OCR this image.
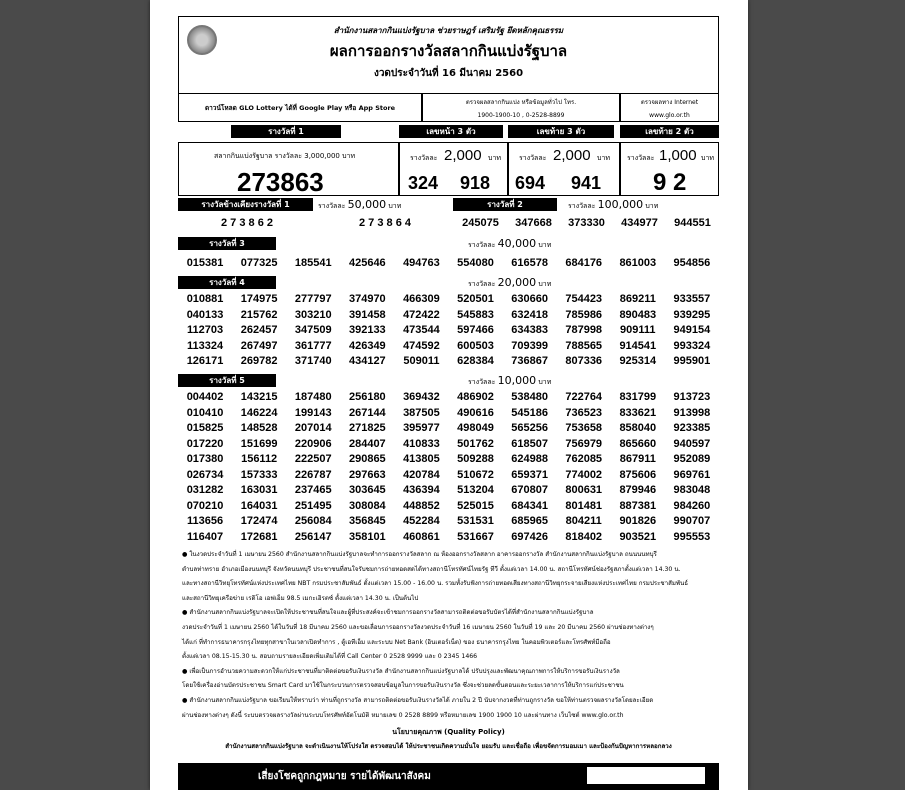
สำนักงานสลากกินแบ่งรัฐบาล ช่วยราษฎร์ เสริมรัฐ ยึดหลักคุณธรรม
ผลการออกรางวัลสลากกินแบ่งรัฐบาล
งวดประจำวันที่ 16 มีนาคม 2560
ดาวน์โหลด GLO Lottery ได้ที่ Google Play หรือ App Store
ตรวจผลสลากกินแบ่ง หรือข้อมูลทั่วไป โทร.
1900-1900-10 , 0-2528-8899
ตรวจผลทาง Internet
www.glo.or.th
รางวัลที่ 1	เลขหน้า 3 ตัว	เลขท้าย 3 ตัว	เลขท้าย 2 ตัว
สลากกินแบ่งรัฐบาล รางวัลละ 3,000,000 บาท
273863
รางวัลละ 2,000 บาท
324 918
รางวัลละ 2,000 บาท
694 941
รางวัลละ 1,000 บาท
9 2
รางวัลข้างเคียงรางวัลที่ 1	รางวัลละ 50,000 บาท	รางวัลที่ 2	รางวัลละ 100,000 บาท
2 7 3 8 6 2	2 7 3 8 6 4	245075	347668	373330	434977	944551
รางวัลที่ 3	รางวัลละ 40,000 บาท
015381	077325	185541	425646	494763	554080	616578	684176	861003	954856
รางวัลที่ 4	รางวัลละ 20,000 บาท
010881	174975	277797	374970	466309	520501	630660	754423	869211	933557
040133	215762	303210	391458	472422	545883	632418	785986	890483	939295
112703	262457	347509	392133	473544	597466	634383	787998	909111	949154
113324	267497	361777	426349	474592	600503	709399	788565	914541	993324
126171	269782	371740	434127	509011	628384	736867	807336	925314	995901
รางวัลที่ 5	รางวัลละ 10,000 บาท
004402	143215	187480	256180	369432	486902	538480	722764	831799	913723
010410	146224	199143	267144	387505	490616	545186	736523	833621	913998
015825	148528	207014	271825	395977	498049	565256	753658	858040	923385
017220	151699	220906	284407	410833	501762	618507	756979	865660	940597
017380	156112	222507	290865	413805	509288	624988	762085	867911	952089
026734	157333	226787	297663	420784	510672	659371	774002	875606	969761
031282	163031	237465	303645	436394	513204	670807	800631	879946	983048
070210	164031	251495	308084	448852	525015	684341	801481	887381	984260
113656	172474	256084	356845	452284	531531	685965	804211	901826	990707
116407	172681	256147	358101	460861	531667	697426	818402	903521	995553

● ในงวดประจำวันที่ 1 เมษายน 2560 สำนักงานสลากกินแบ่งรัฐบาลจะทำการออกรางวัลสลาก ณ ห้องออกรางวัลสลาก อาคารออกรางวัล สำนักงานสลากกินแบ่งรัฐบาล ถนนนนทบุรี

ตำบลท่าทราย อำเภอเมืองนนทบุรี จังหวัดนนทบุรี ประชาชนที่สนใจรับชมการถ่ายทอดสดได้ทางสถานีโทรทัศน์ไทยรัฐ ทีวี ตั้งแต่เวลา 14.00 น. สถานีโทรทัศน์ช่องรัฐสภาตั้งแต่เวลา 14.30 น.

และทางสถานีวิทยุโทรทัศน์แห่งประเทศไทย NBT กรมประชาสัมพันธ์ ตั้งแต่เวลา 15.00 - 16.00 น. รวมทั้งรับฟังการถ่ายทอดเสียงทางสถานีวิทยุกระจายเสียงแห่งประเทศไทย กรมประชาสัมพันธ์

และสถานีวิทยุเครือข่าย เรดิโอ เอฟเอ็ม 98.5 เมกะเฮิรตซ์ ตั้งแต่เวลา 14.30 น. เป็นต้นไป

● สำนักงานสลากกินแบ่งรัฐบาลจะเปิดให้ประชาชนที่สนใจและผู้ที่ประสงค์จะเข้าชมการออกรางวัลสามารถติดต่อขอรับบัตรได้ที่สำนักงานสลากกินแบ่งรัฐบาล

งวดประจำวันที่ 1 เมษายน 2560 ได้ในวันที่ 18 มีนาคม 2560 และขอเลื่อนการออกรางวัลงวดประจำวันที่ 16 เมษายน 2560 ในวันที่ 19 และ 20 มีนาคม 2560 ผ่านช่องทางต่างๆ

ได้แก่ ที่ทำการธนาคารกรุงไทยทุกสาขาในเวลาเปิดทำการ , ตู้เอทีเอ็ม และระบบ Net Bank (อินเตอร์เน็ต) ของ ธนาคารกรุงไทย ในคอมพิวเตอร์และโทรศัพท์มือถือ

ตั้งแต่เวลา 08.15-15.30 น. สอบถามรายละเอียดเพิ่มเติมได้ที่ Call Center 0 2528 9999 และ 0 2345 1466

● เพื่อเป็นการอำนวยความสะดวกให้แก่ประชาชนที่มาติดต่อขอรับเงินรางวัล สำนักงานสลากกินแบ่งรัฐบาลได้ ปรับปรุงและพัฒนาคุณภาพการให้บริการขอรับเงินรางวัล

โดยใช้เครื่องอ่านบัตรประชาชน Smart Card มาใช้ในกระบวนการตรวจสอบข้อมูลในการขอรับเงินรางวัล ซึ่งจะช่วยลดขั้นตอนและระยะเวลาการให้บริการแก่ประชาชน

● สำนักงานสลากกินแบ่งรัฐบาล ขอเรียนให้ทราบว่า ท่านที่ถูกรางวัล สามารถติดต่อขอรับเงินรางวัลได้ ภายใน 2 ปี นับจากงวดที่ท่านถูกรางวัล ขอให้ท่านตรวจผลรางวัลโดยละเอียด

ผ่านช่องทางต่างๆ ดังนี้ ระบบตรวจผลรางวัลผ่านระบบโทรศัพท์อัตโนมัติ หมายเลข 0 2528 8899 หรือหมายเลข 1900 1900 10 และผ่านทาง เว็บไซต์ www.glo.or.th

นโยบายคุณภาพ (Quality Policy)

สำนักงานสลากกินแบ่งรัฐบาล จะดำเนินงานให้โปร่งใส ตรวจสอบได้ ให้ประชาชนเกิดความมั่นใจ ยอมรับ และเชื่อถือ เพื่อขจัดการมอมเมา และป้องกันปัญหาการหลอกลวง

เสี่ยงโชคถูกกฎหมาย รายได้พัฒนาสังคม
